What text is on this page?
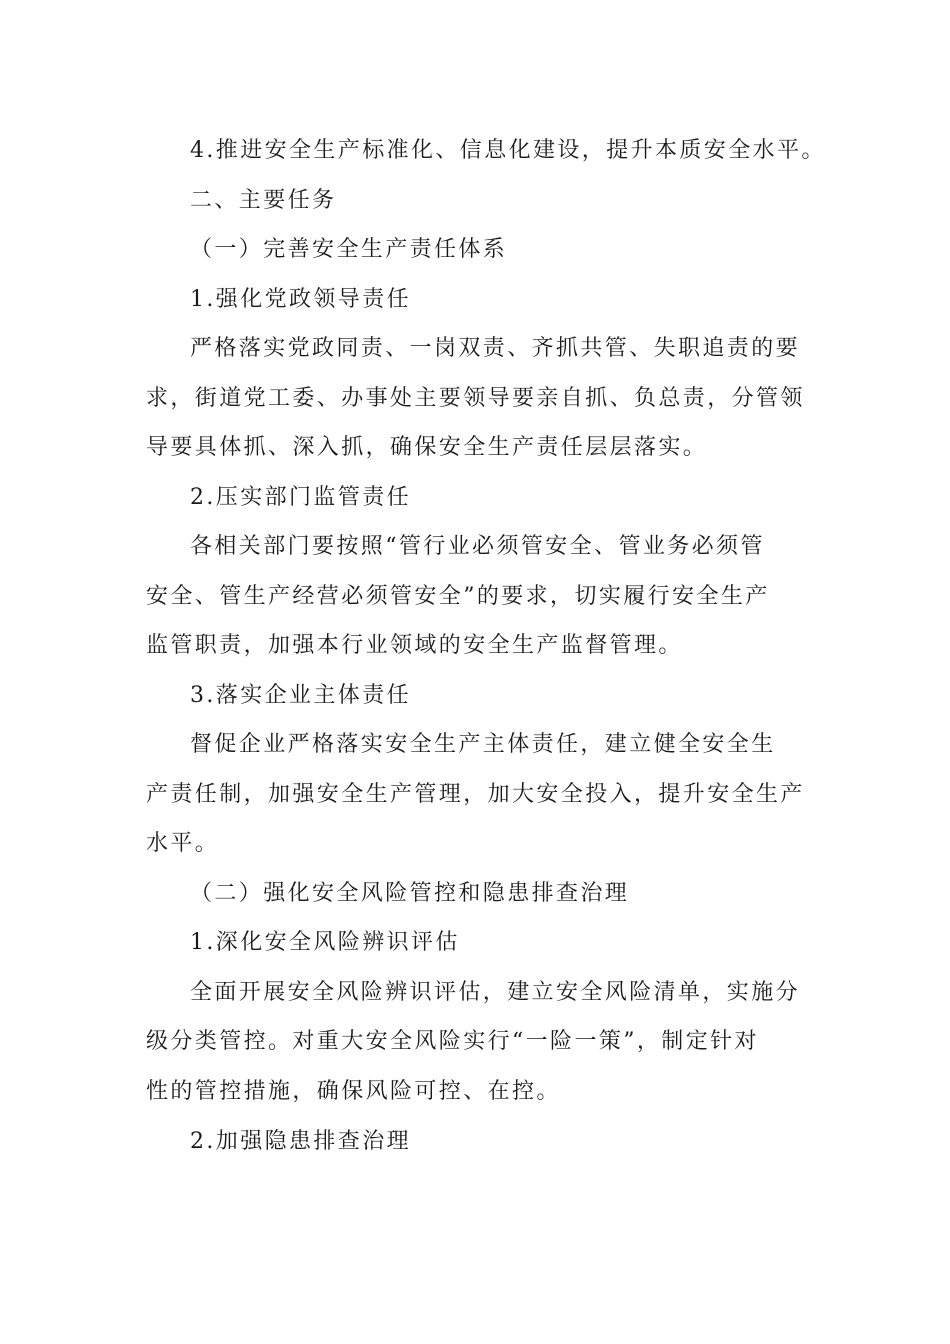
4.推进安全生产标准化、信息化建设，提升本质安全水平。
二、主要任务
（一）完善安全生产责任体系
1.强化党政领导责任
严格落实党政同责、一岗双责、齐抓共管、失职追责的要
求，街道党工委、办事处主要领导要亲自抓、负总责，分管领
导要具体抓、深入抓，确保安全生产责任层层落实。
2.压实部门监管责任
各相关部门要按照“管行业必须管安全、管业务必须管
安全、管生产经营必须管安全”的要求，切实履行安全生产
监管职责，加强本行业领域的安全生产监督管理。
3.落实企业主体责任
督促企业严格落实安全生产主体责任，建立健全安全生
产责任制，加强安全生产管理，加大安全投入，提升安全生产
水平。
（二）强化安全风险管控和隐患排查治理
1.深化安全风险辨识评估
全面开展安全风险辨识评估，建立安全风险清单，实施分
级分类管控。对重大安全风险实行“一险一策”，制定针对
性的管控措施，确保风险可控、在控。
2.加强隐患排查治理
